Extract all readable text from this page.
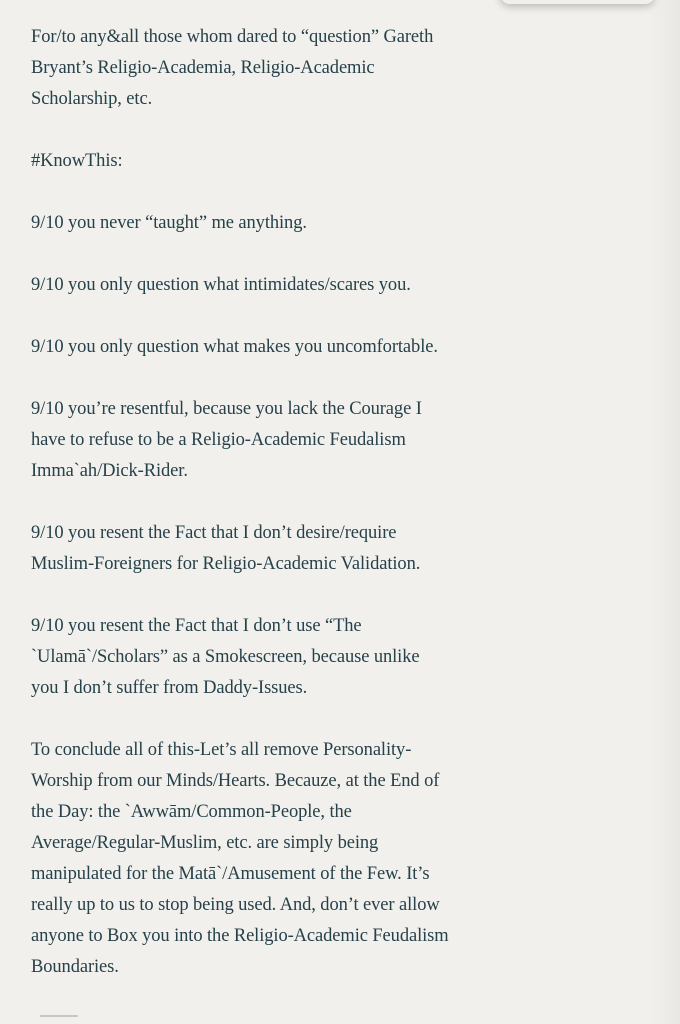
For/to any&all those whom dared to “question” Gareth
Bryant’s Religio-Academia, Religio-Academic
Scholarship, etc.

#KnowThis:

9/10 you never “taught” me anything.

9/10 you only question what intimidates/scares you.

9/10 you only question what makes you uncomfortable.

9/10 you’re resentful, because you lack the Courage I
have to refuse to be a Religio-Academic Feudalism
Imma`ah/Dick-Rider.

9/10 you resent the Fact that I don’t desire/require
Muslim-Foreigners for Religio-Academic Validation.

9/10 you resent the Fact that I don’t use “The
`Ulamā`/Scholars” as a Smokescreen, because unlike
you I don’t suffer from Daddy-Issues.

To conclude all of this-Let’s all remove Personality-
Worship from our Minds/Hearts. Becauze, at the End of
the Day: the `Awwām/Common-People, the
Average/Regular-Muslim, etc. are simply being
manipulated for the Matā`/Amusement of the Few. It’s
really up to us to stop being used. And, don’t ever allow
anyone to Box you into the Religio-Academic Feudalism
Boundaries.
